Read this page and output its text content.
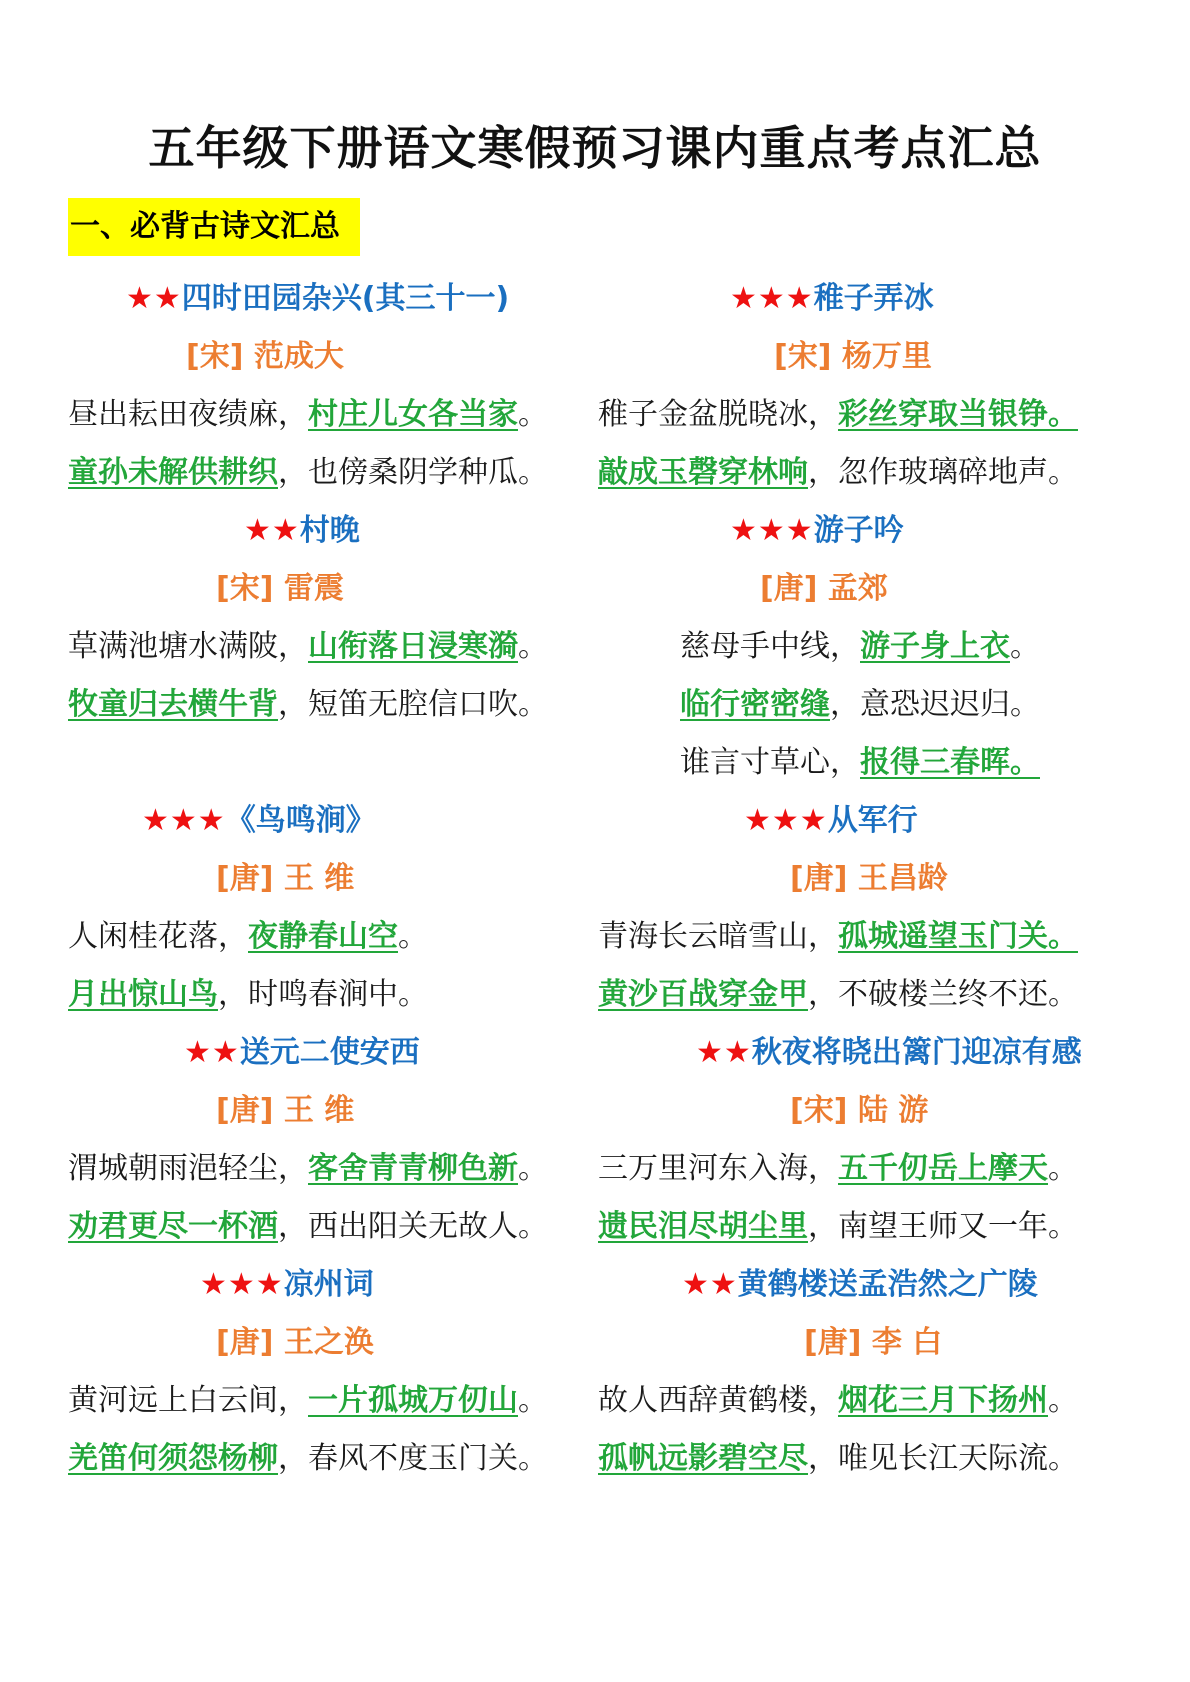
五年级下册语文寒假预习课内重点考点汇总
一、必背古诗文汇总
★★四时田园杂兴(其三十一)
[宋] 范成大
昼出耘田夜绩麻，村庄儿女各当家。
童孙未解供耕织，也傍桑阴学种瓜。
★★村晚
[宋] 雷震
草满池塘水满陂，山衔落日浸寒漪。
牧童归去横牛背，短笛无腔信口吹。
★★★《鸟鸣涧》
[唐] 王 维
人闲桂花落，夜静春山空。
月出惊山鸟，时鸣春涧中。
★★送元二使安西
[唐] 王 维
渭城朝雨浥轻尘，客舍青青柳色新。
劝君更尽一杯酒，西出阳关无故人。
★★★凉州词
[唐] 王之涣
黄河远上白云间，一片孤城万仞山。
羌笛何须怨杨柳，春风不度玉门关。
★★★稚子弄冰
[宋] 杨万里
稚子金盆脱晓冰，彩丝穿取当银铮。
敲成玉磬穿林响，忽作玻璃碎地声。
★★★游子吟
[唐] 孟郊
慈母手中线，游子身上衣。
临行密密缝，意恐迟迟归。
谁言寸草心，报得三春晖。
★★★从军行
[唐] 王昌龄
青海长云暗雪山，孤城遥望玉门关。
黄沙百战穿金甲，不破楼兰终不还。
★★秋夜将晓出篱门迎凉有感
[宋] 陆 游
三万里河东入海，五千仞岳上摩天。
遗民泪尽胡尘里，南望王师又一年。
★★黄鹤楼送孟浩然之广陵
[唐] 李 白
故人西辞黄鹤楼，烟花三月下扬州。
孤帆远影碧空尽，唯见长江天际流。
